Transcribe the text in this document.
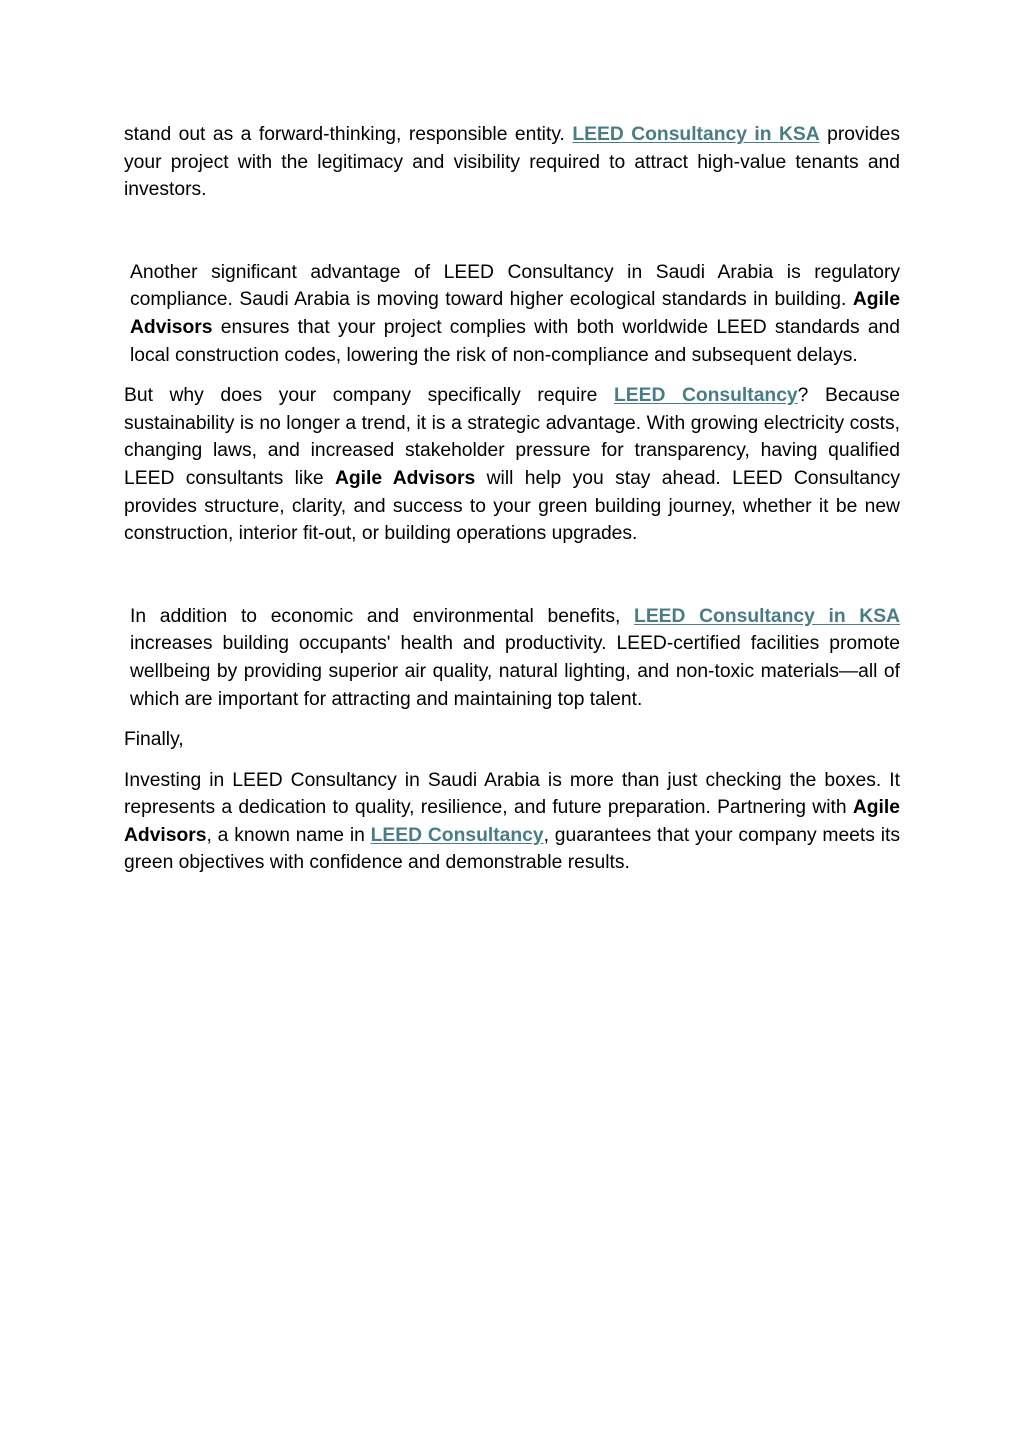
stand out as a forward-thinking, responsible entity. LEED Consultancy in KSA provides your project with the legitimacy and visibility required to attract high-value tenants and investors.

Another significant advantage of LEED Consultancy in Saudi Arabia is regulatory compliance. Saudi Arabia is moving toward higher ecological standards in building. Agile Advisors ensures that your project complies with both worldwide LEED standards and local construction codes, lowering the risk of non-compliance and subsequent delays.

But why does your company specifically require LEED Consultancy? Because sustainability is no longer a trend, it is a strategic advantage. With growing electricity costs, changing laws, and increased stakeholder pressure for transparency, having qualified LEED consultants like Agile Advisors will help you stay ahead. LEED Consultancy provides structure, clarity, and success to your green building journey, whether it be new construction, interior fit-out, or building operations upgrades.

In addition to economic and environmental benefits, LEED Consultancy in KSA increases building occupants' health and productivity. LEED-certified facilities promote wellbeing by providing superior air quality, natural lighting, and non-toxic materials—all of which are important for attracting and maintaining top talent.

Finally,

Investing in LEED Consultancy in Saudi Arabia is more than just checking the boxes. It represents a dedication to quality, resilience, and future preparation. Partnering with Agile Advisors, a known name in LEED Consultancy, guarantees that your company meets its green objectives with confidence and demonstrable results.
